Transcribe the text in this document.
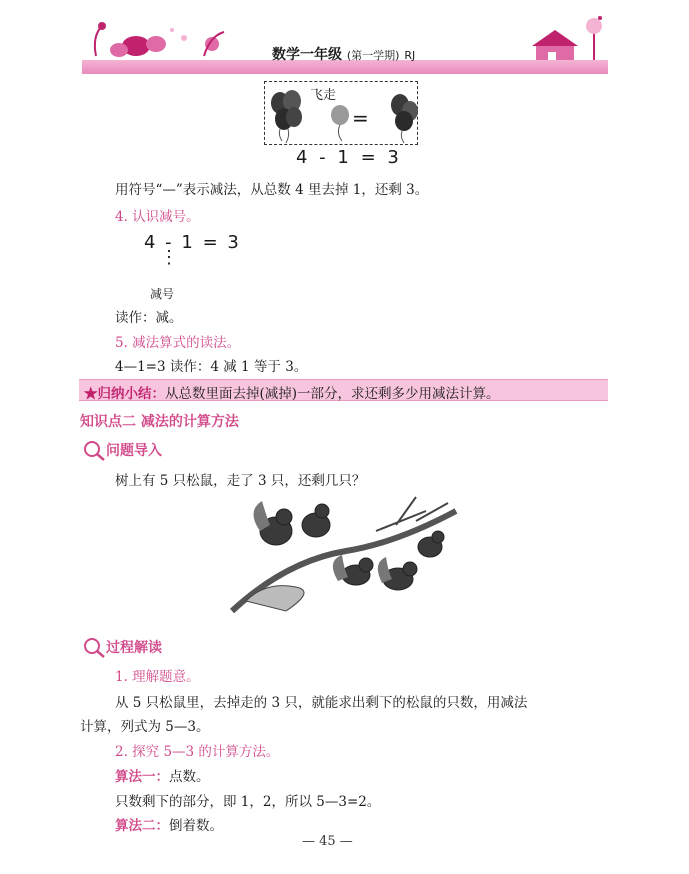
数学一年级 (第一学期) RJ
飞走
=
4 - 1 = 3
用符号“—”表示减法，从总数 4 里去掉 1，还剩 3。
4. 认识减号。
4 - 1 = 3
⋮
减号
读作：减。
5. 减法算式的读法。
4—1=3 读作：4 减 1 等于 3。
★归纳小结：从总数里面去掉(减掉)一部分，求还剩多少用减法计算。
知识点二 减法的计算方法
问题导入
树上有 5 只松鼠，走了 3 只，还剩几只？
过程解读
1. 理解题意。
从 5 只松鼠里，去掉走的 3 只，就能求出剩下的松鼠的只数，用减法
计算，列式为 5—3。
2. 探究 5—3 的计算方法。
算法一：点数。
只数剩下的部分，即 1，2，所以 5—3=2。
算法二：倒着数。
— 45 —
